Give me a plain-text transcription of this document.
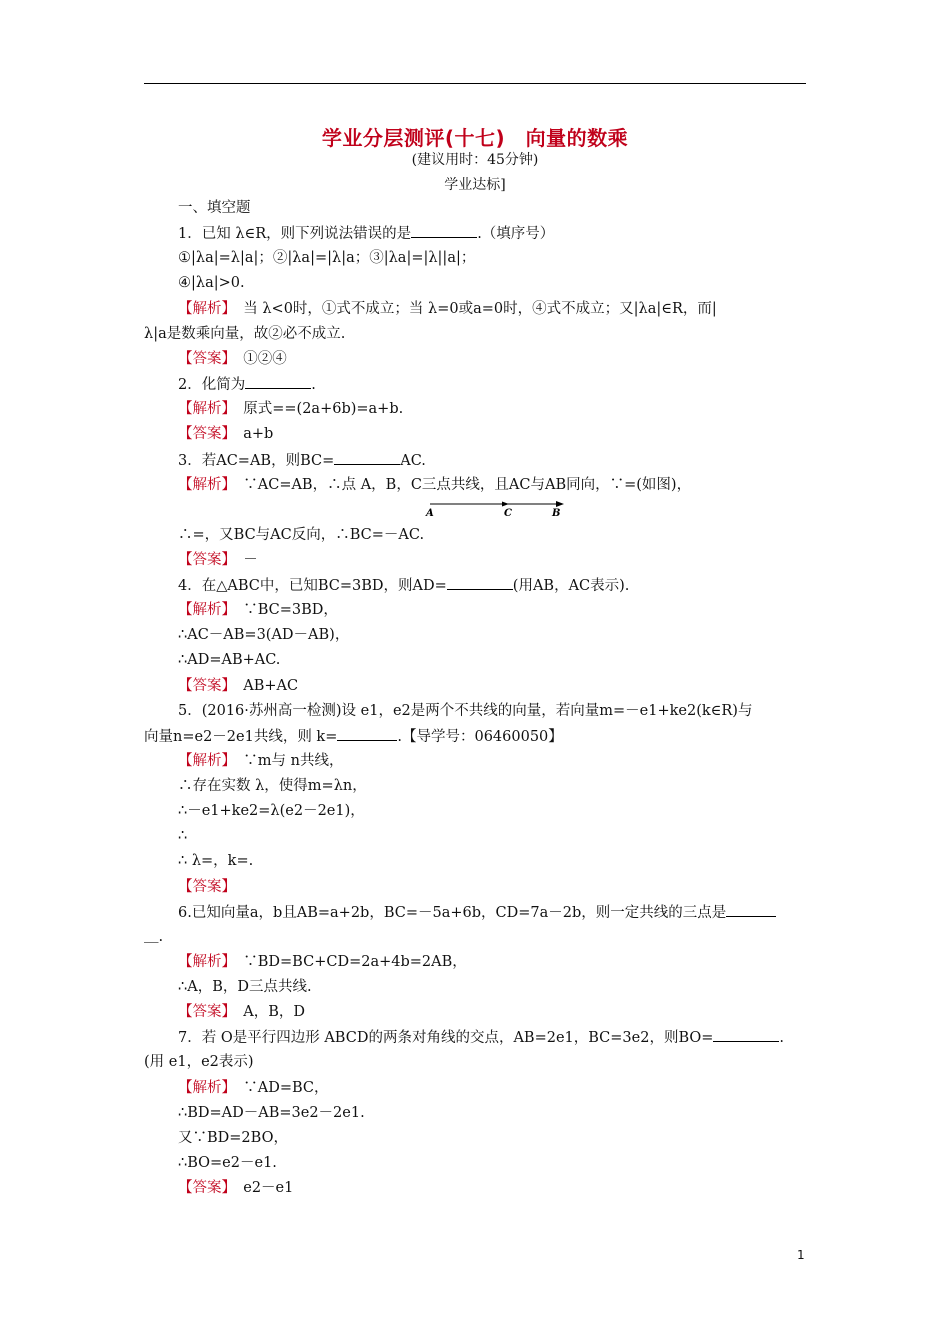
学业分层测评(十七)　向量的数乘
(建议用时：45分钟)
学业达标]
一、填空题
1．已知 λ∈R，则下列说法错误的是	.（填序号）
①|λa|=λ|a|；②|λa|=|λ|a；③|λa|=|λ||a|；
④|λa|>0.
【解析】　当 λ<0时，①式不成立；当 λ=0或a=0时，④式不成立；又|λa|∈R，而|
λ|a是数乘向量，故②必不成立.
【答案】　①②④
2．化简为	.
【解析】　原式==(2a+6b)=a+b.
【答案】　a+b
3．若AC=AB，则BC=	AC.
【解析】　∵AC=AB，∴点 A，B，C三点共线，且AC与AB同向，∵=(如图)，
A	C	B
∴=，又BC与AC反向，∴BC=－AC.
【答案】　－
4．在△ABC中，已知BC=3BD，则AD=	(用AB，AC表示).
【解析】　∵BC=3BD，
∴AC－AB=3(AD－AB)，
∴AD=AB+AC.
【答案】　AB+AC
5．(2016·苏州高一检测)设 e1，e2是两个不共线的向量，若向量m=－e1+ke2(k∈R)与
向量n=e2－2e1共线，则 k=	.【导学号：06460050】
【解析】　∵m与 n共线，
∴存在实数 λ，使得m=λn，
∴－e1+ke2=λ(e2－2e1)，
∴
∴ λ=，k=.
【答案】
6.已知向量a，b且AB=a+2b，BC=－5a+6b，CD=7a－2b，则一定共线的三点是
＿.
【解析】　∵BD=BC+CD=2a+4b=2AB，
∴A，B，D三点共线.
【答案】　A，B，D
7．若 O是平行四边形 ABCD的两条对角线的交点，AB=2e1，BC=3e2，则BO=	.
(用 e1，e2表示)
【解析】　∵AD=BC，
∴BD=AD－AB=3e2－2e1.
又∵BD=2BO，
∴BO=e2－e1.
【答案】　e2－e1
1
